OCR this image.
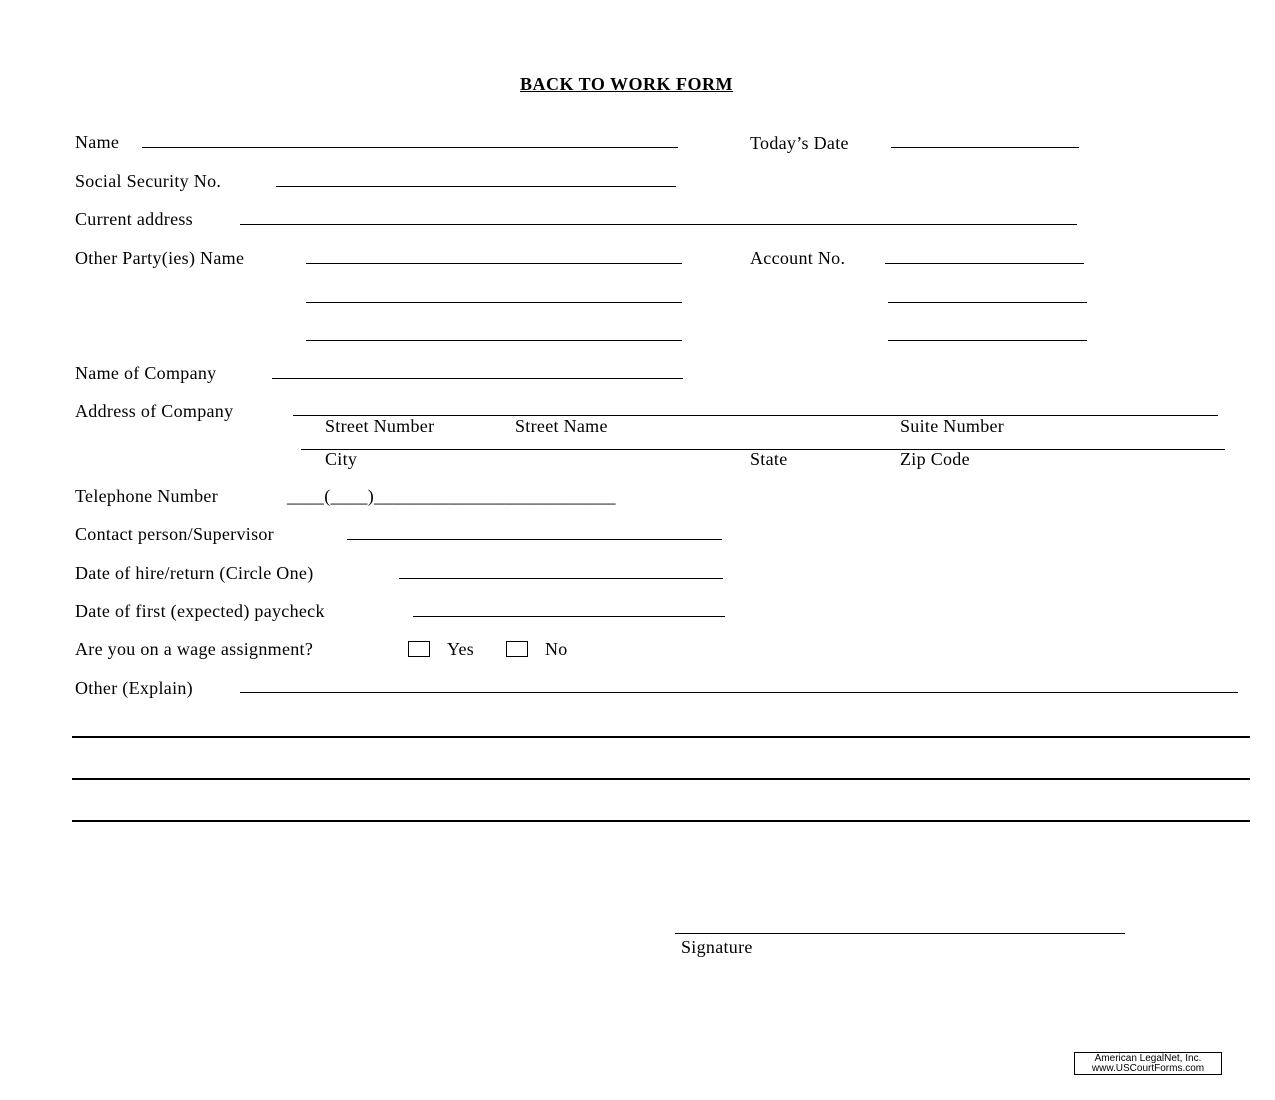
BACK TO WORK FORM
Name	Today’s Date
Social Security No.
Current address
Other Party(ies) Name	Account No.
Name of Company
Address of Company
Street Number	Street Name	Suite Number
City	State	Zip Code
Telephone Number	____(____)__________________________
Contact person/Supervisor
Date of hire/return (Circle One)
Date of first (expected) paycheck
Are you on a wage assignment?	Yes	No
Other (Explain)
Signature
American LegalNet, Inc.
www.USCourtForms.com
